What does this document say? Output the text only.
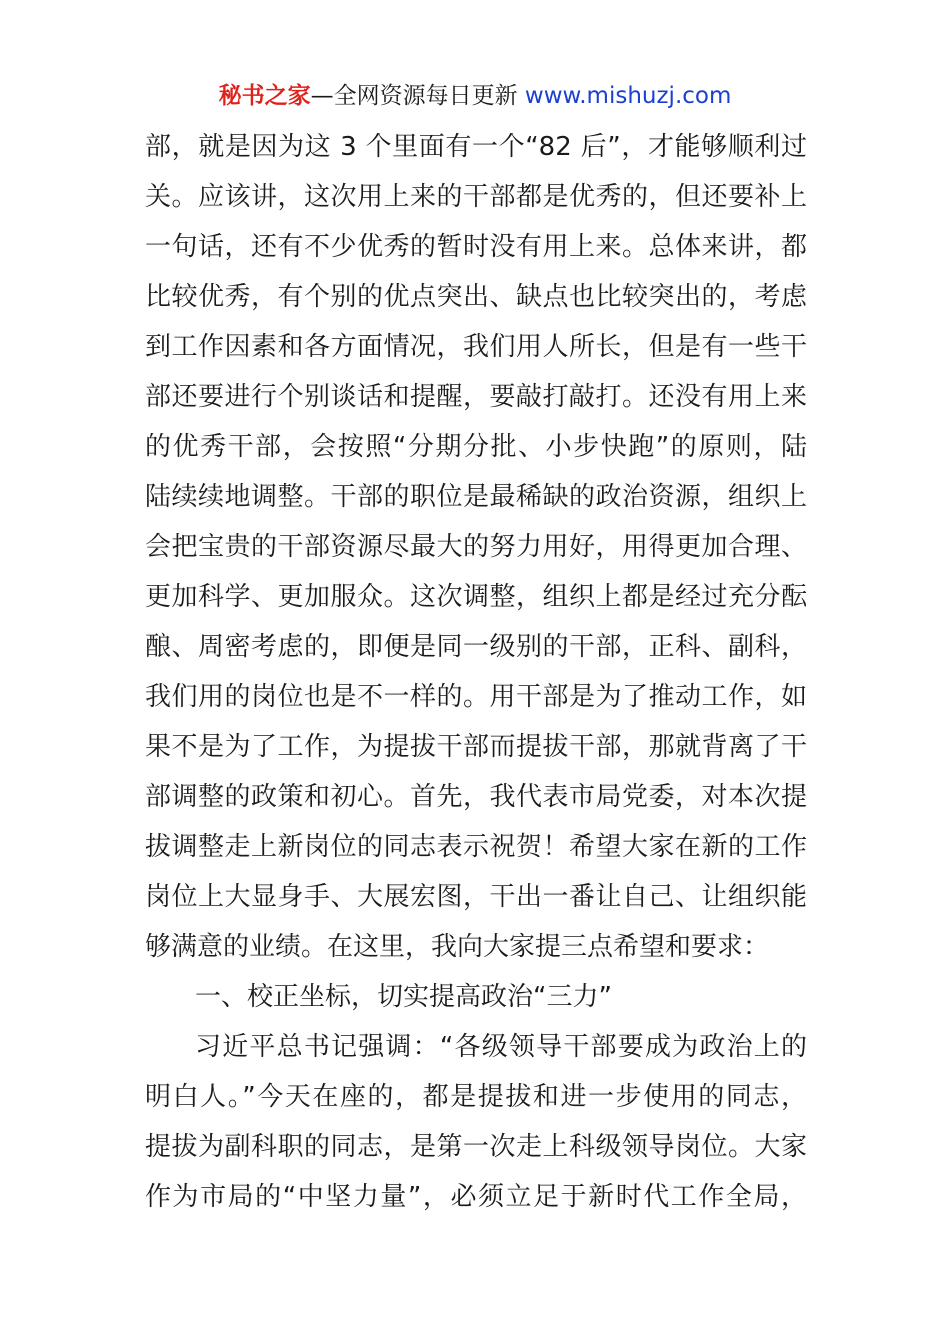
秘书之家—全网资源每日更新 www.mishuzj.com
部，就是因为这 3 个里面有一个“82 后”，才能够顺利过
关。应该讲，这次用上来的干部都是优秀的，但还要补上
一句话，还有不少优秀的暂时没有用上来。总体来讲，都
比较优秀，有个别的优点突出、缺点也比较突出的，考虑
到工作因素和各方面情况，我们用人所长，但是有一些干
部还要进行个别谈话和提醒，要敲打敲打。还没有用上来
的优秀干部，会按照“分期分批、小步快跑”的原则，陆
陆续续地调整。干部的职位是最稀缺的政治资源，组织上
会把宝贵的干部资源尽最大的努力用好，用得更加合理、
更加科学、更加服众。这次调整，组织上都是经过充分酝
酿、周密考虑的，即便是同一级别的干部，正科、副科，
我们用的岗位也是不一样的。用干部是为了推动工作，如
果不是为了工作，为提拔干部而提拔干部，那就背离了干
部调整的政策和初心。首先，我代表市局党委，对本次提
拔调整走上新岗位的同志表示祝贺！希望大家在新的工作
岗位上大显身手、大展宏图，干出一番让自己、让组织能
够满意的业绩。在这里，我向大家提三点希望和要求：
一、校正坐标，切实提高政治“三力”
习近平总书记强调：“各级领导干部要成为政治上的
明白人。”今天在座的，都是提拔和进一步使用的同志，
提拔为副科职的同志，是第一次走上科级领导岗位。大家
作为市局的“中坚力量”，必须立足于新时代工作全局，
